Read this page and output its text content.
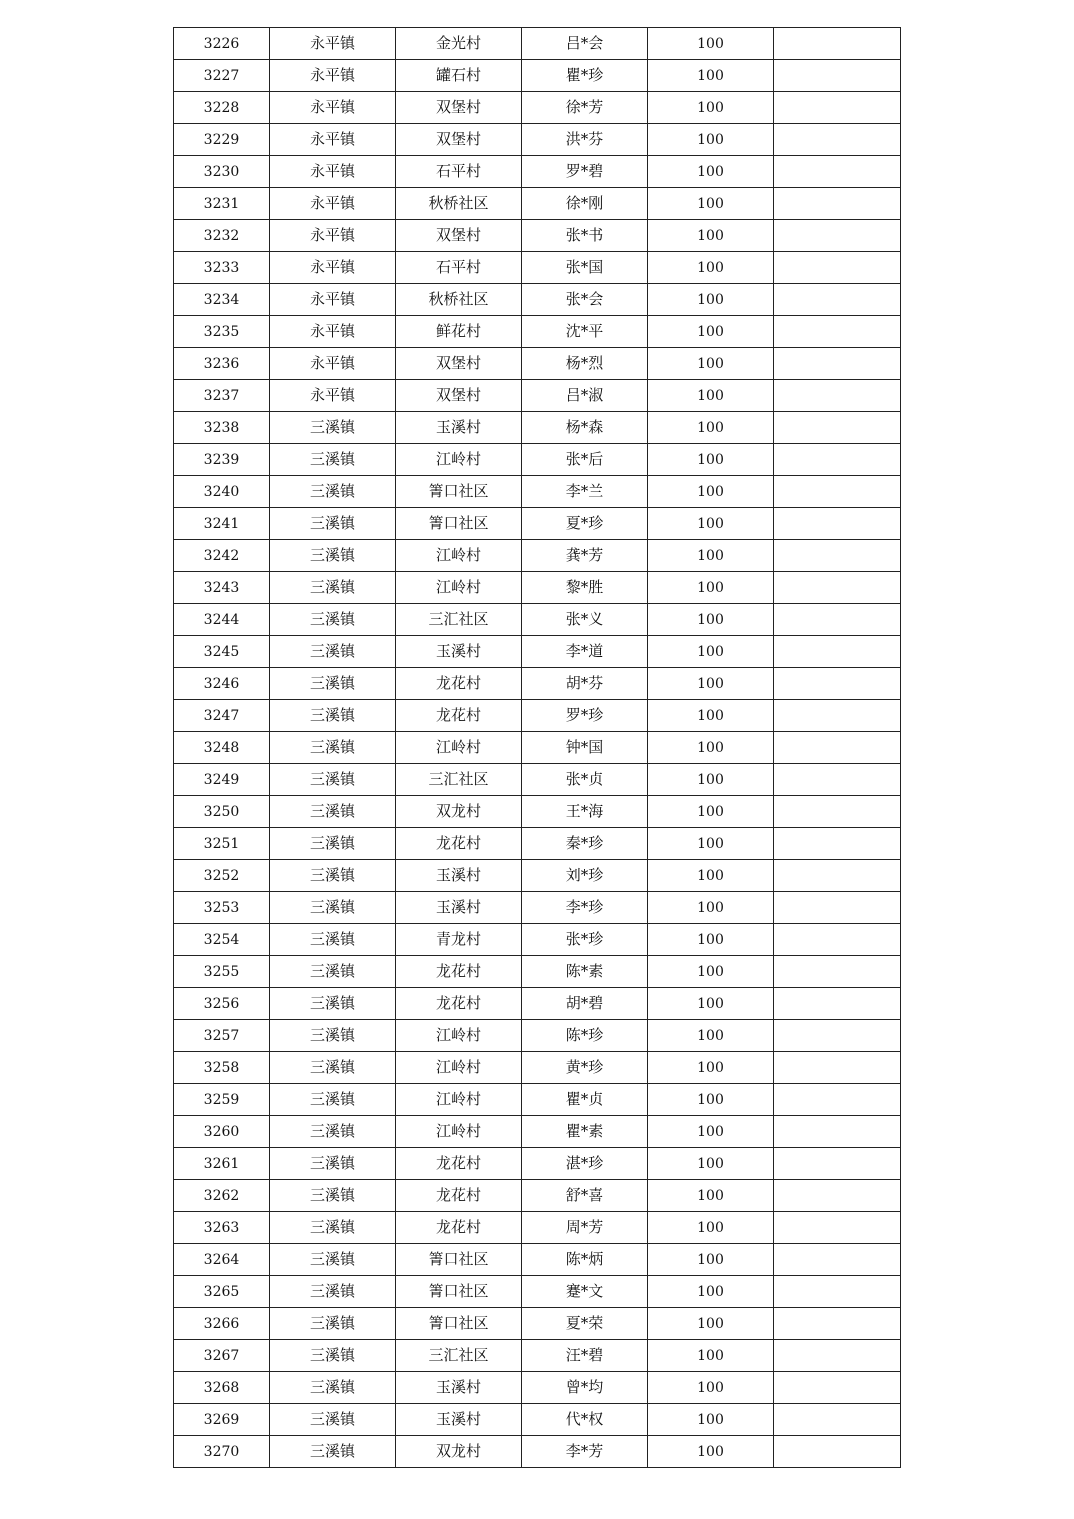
3226	永平镇	金光村	吕*会	100	
3227	永平镇	罐石村	瞿*珍	100	
3228	永平镇	双堡村	徐*芳	100	
3229	永平镇	双堡村	洪*芬	100	
3230	永平镇	石平村	罗*碧	100	
3231	永平镇	秋桥社区	徐*刚	100	
3232	永平镇	双堡村	张*书	100	
3233	永平镇	石平村	张*国	100	
3234	永平镇	秋桥社区	张*会	100	
3235	永平镇	鲜花村	沈*平	100	
3236	永平镇	双堡村	杨*烈	100	
3237	永平镇	双堡村	吕*淑	100	
3238	三溪镇	玉溪村	杨*森	100	
3239	三溪镇	江岭村	张*后	100	
3240	三溪镇	箐口社区	李*兰	100	
3241	三溪镇	箐口社区	夏*珍	100	
3242	三溪镇	江岭村	龚*芳	100	
3243	三溪镇	江岭村	黎*胜	100	
3244	三溪镇	三汇社区	张*义	100	
3245	三溪镇	玉溪村	李*道	100	
3246	三溪镇	龙花村	胡*芬	100	
3247	三溪镇	龙花村	罗*珍	100	
3248	三溪镇	江岭村	钟*国	100	
3249	三溪镇	三汇社区	张*贞	100	
3250	三溪镇	双龙村	王*海	100	
3251	三溪镇	龙花村	秦*珍	100	
3252	三溪镇	玉溪村	刘*珍	100	
3253	三溪镇	玉溪村	李*珍	100	
3254	三溪镇	青龙村	张*珍	100	
3255	三溪镇	龙花村	陈*素	100	
3256	三溪镇	龙花村	胡*碧	100	
3257	三溪镇	江岭村	陈*珍	100	
3258	三溪镇	江岭村	黄*珍	100	
3259	三溪镇	江岭村	瞿*贞	100	
3260	三溪镇	江岭村	瞿*素	100	
3261	三溪镇	龙花村	湛*珍	100	
3262	三溪镇	龙花村	舒*喜	100	
3263	三溪镇	龙花村	周*芳	100	
3264	三溪镇	箐口社区	陈*炳	100	
3265	三溪镇	箐口社区	蹇*文	100	
3266	三溪镇	箐口社区	夏*荣	100	
3267	三溪镇	三汇社区	汪*碧	100	
3268	三溪镇	玉溪村	曾*均	100	
3269	三溪镇	玉溪村	代*权	100	
3270	三溪镇	双龙村	李*芳	100	
